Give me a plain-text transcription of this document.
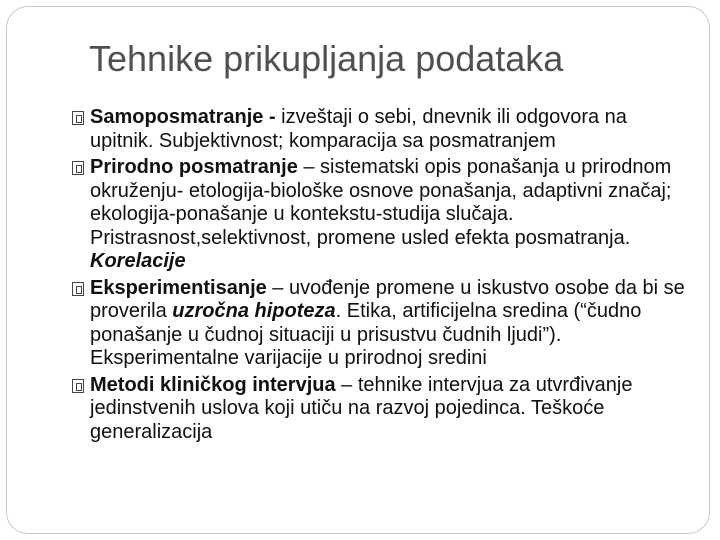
Tehnike prikupljanja podataka
Samoposmatranje - izveštaji o sebi, dnevnik ili odgovora na upitnik. Subjektivnost; komparacija sa posmatranjem
Prirodno posmatranje – sistematski opis ponašanja u prirodnom okruženju- etologija-biološke osnove ponašanja, adaptivni značaj; ekologija-ponašanje u kontekstu-studija slučaja. Pristrasnost,selektivnost, promene usled efekta posmatranja. Korelacije
Eksperimentisanje – uvođenje promene u iskustvo osobe da bi se proverila uzročna hipoteza. Etika, artificijelna sredina (“čudno ponašanje u čudnoj situaciji u prisustvu čudnih ljudi”). Eksperimentalne varijacije u prirodnoj sredini
Metodi kliničkog intervjua – tehnike intervjua za utvrđivanje jedinstvenih uslova koji utiču na razvoj pojedinca. Teškoće generalizacija
